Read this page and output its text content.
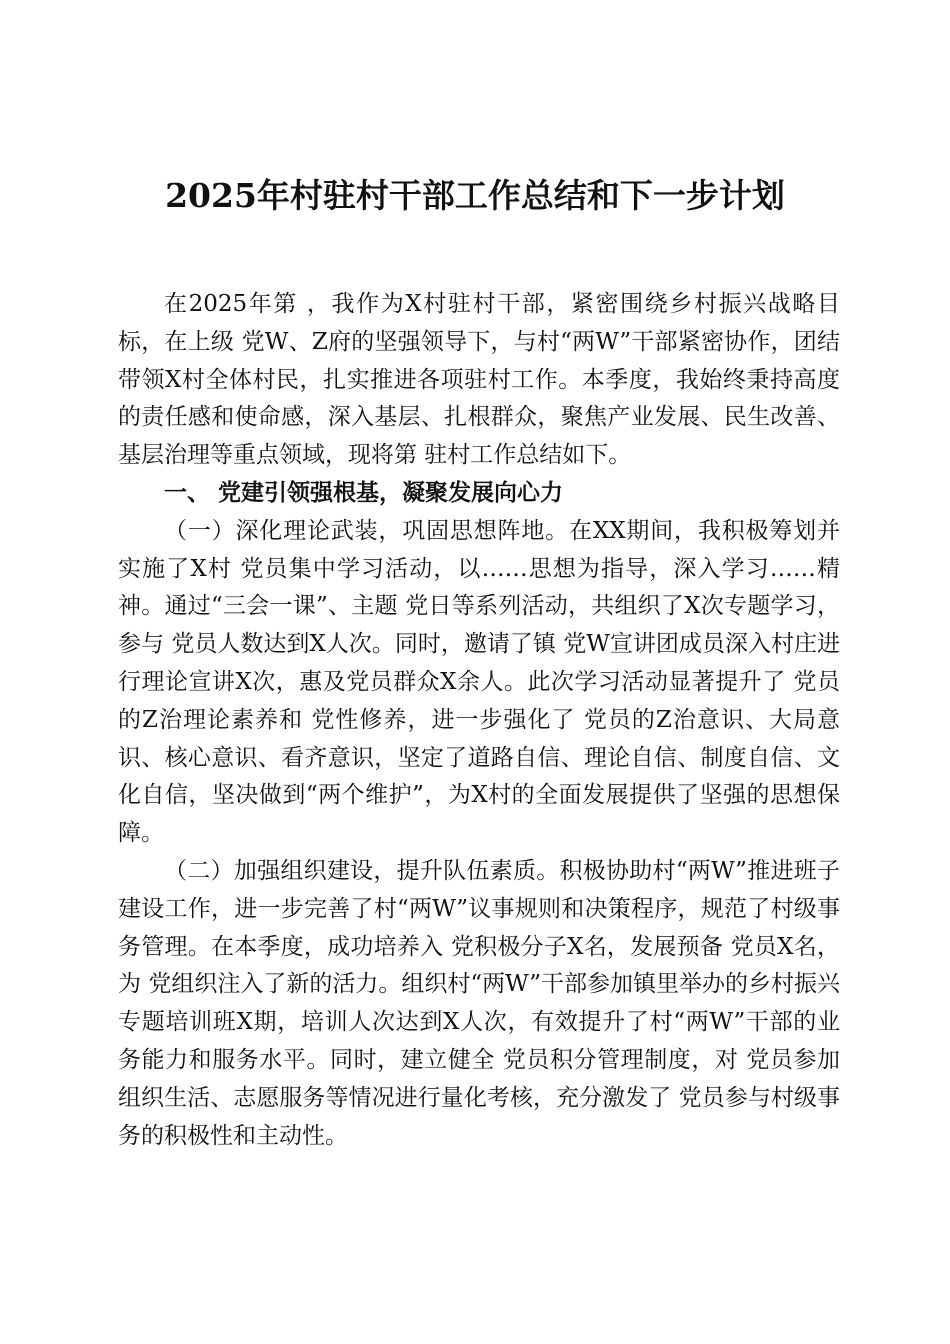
2025年村驻村干部工作总结和下一步计划

在2025年第 ，我作为X村驻村干部，紧密围绕乡村振兴战略目标，在上级 党W、Z府的坚强领导下，与村“两W”干部紧密协作，团结带领X村全体村民，扎实推进各项驻村工作。本季度，我始终秉持高度的责任感和使命感，深入基层、扎根群众，聚焦产业发展、民生改善、基层治理等重点领域，现将第 驻村工作总结如下。

一、 党建引领强根基，凝聚发展向心力

（一）深化理论武装，巩固思想阵地。在XX期间，我积极筹划并实施了X村 党员集中学习活动，以……思想为指导，深入学习……精神。通过“三会一课”、主题 党日等系列活动，共组织了X次专题学习，参与 党员人数达到X人次。同时，邀请了镇 党W宣讲团成员深入村庄进行理论宣讲X次，惠及党员群众X余人。此次学习活动显著提升了 党员的Z治理论素养和 党性修养，进一步强化了 党员的Z治意识、大局意识、核心意识、看齐意识，坚定了道路自信、理论自信、制度自信、文化自信，坚决做到“两个维护”，为X村的全面发展提供了坚强的思想保障。

（二）加强组织建设，提升队伍素质。积极协助村“两W”推进班子建设工作，进一步完善了村“两W”议事规则和决策程序，规范了村级事务管理。在本季度，成功培养入 党积极分子X名，发展预备 党员X名，为 党组织注入了新的活力。组织村“两W”干部参加镇里举办的乡村振兴专题培训班X期，培训人次达到X人次，有效提升了村“两W”干部的业务能力和服务水平。同时，建立健全 党员积分管理制度，对 党员参加组织生活、志愿服务等情况进行量化考核，充分激发了 党员参与村级事务的积极性和主动性。
